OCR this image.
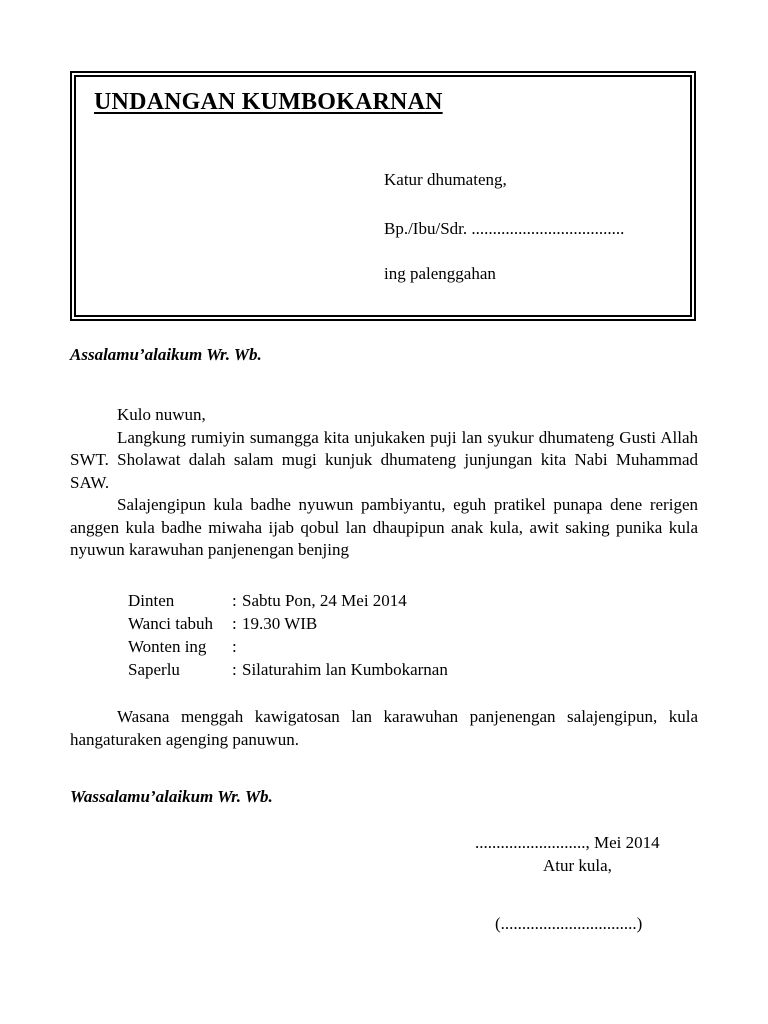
UNDANGAN KUMBOKARNAN
Katur dhumateng,
Bp./Ibu/Sdr. ....................................
ing palenggahan
Assalamu’alaikum Wr. Wb.

Kulo nuwun,

Langkung rumiyin sumangga kita unjukaken puji lan syukur dhumateng Gusti Allah SWT. Sholawat dalah salam mugi kunjuk dhumateng junjungan kita Nabi Muhammad SAW.

Salajengipun kula badhe nyuwun pambiyantu, eguh pratikel punapa dene rerigen anggen kula badhe miwaha ijab qobul lan dhaupipun anak kula, awit saking punika kula nyuwun karawuhan panjenengan benjing

Dinten	: Sabtu Pon, 24 Mei 2014
Wanci tabuh	: 19.30 WIB
Wonten ing	:
Saperlu	: Silaturahim lan Kumbokarnan

Wasana menggah kawigatosan lan karawuhan panjenengan salajengipun, kula hangaturaken agenging panuwun.

Wassalamu’alaikum Wr. Wb.
.........................., Mei 2014
Atur kula,
(................................)
